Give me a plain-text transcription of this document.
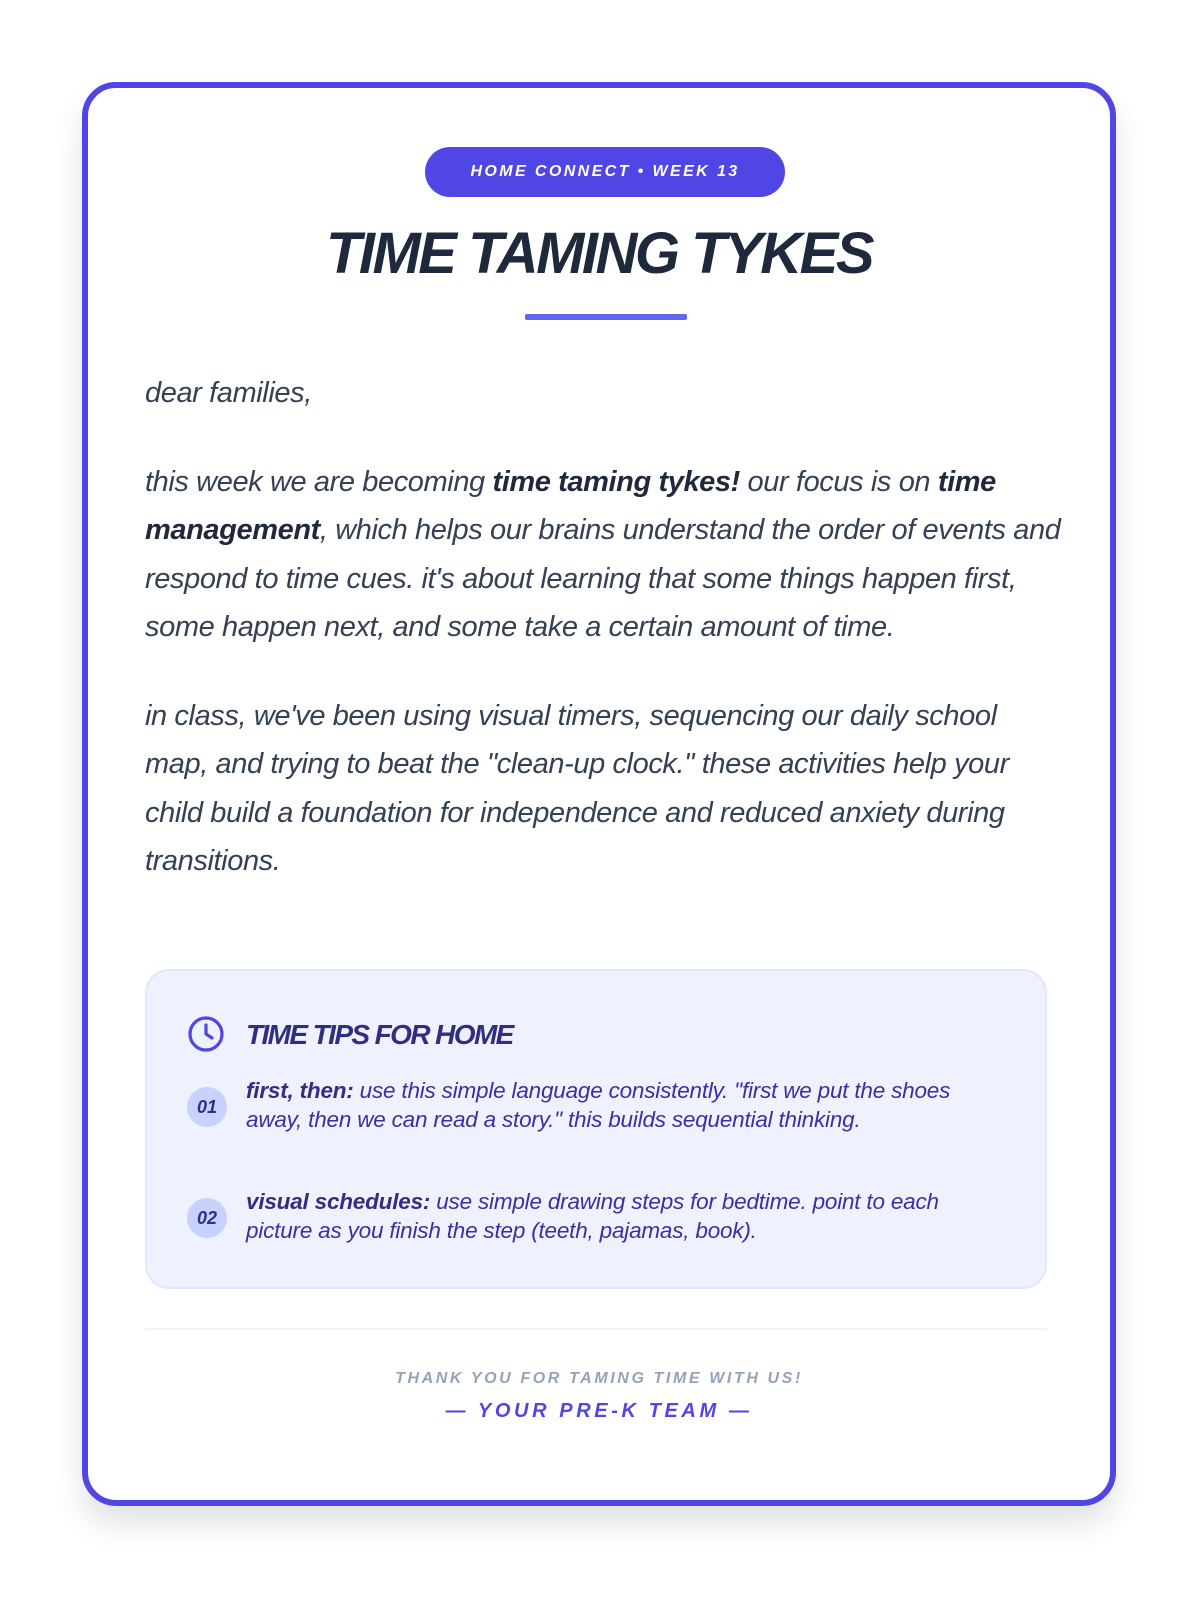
HOME CONNECT • WEEK 13
TIME TAMING TYKES

dear families,

this week we are becoming time taming tykes! our focus is on time management, which helps our brains understand the order of events and respond to time cues. it's about learning that some things happen first, some happen next, and some take a certain amount of time.

in class, we've been using visual timers, sequencing our daily school map, and trying to beat the "clean-up clock." these activities help your child build a foundation for independence and reduced anxiety during transitions.

TIME TIPS FOR HOME
01
first, then: use this simple language consistently. "first we put the shoes away, then we can read a story." this builds sequential thinking.
02
visual schedules: use simple drawing steps for bedtime. point to each picture as you finish the step (teeth, pajamas, book).
THANK YOU FOR TAMING TIME WITH US!
— YOUR PRE-K TEAM —
